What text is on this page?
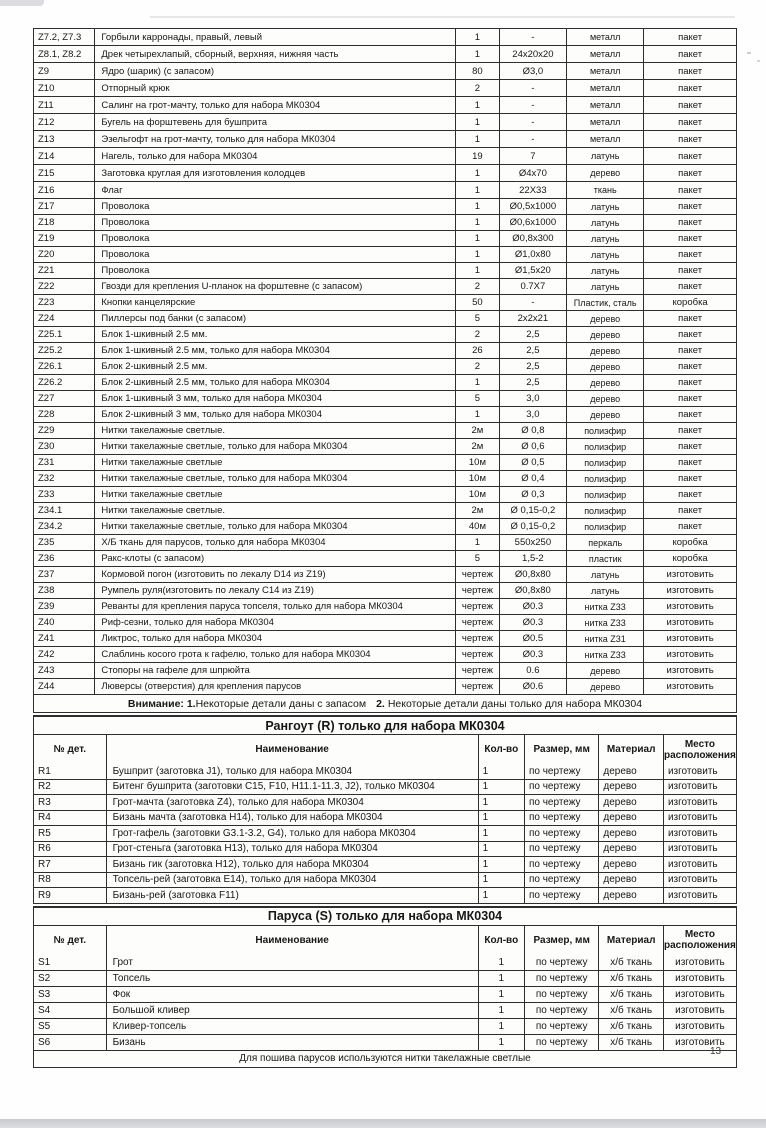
Z7.2, Z7.3	Горбыли карронады, правый, левый	1	-	металл	пакет
Z8.1, Z8.2	Дрек четырехлапый, сборный, верхняя, нижняя часть	1	24x20x20	металл	пакет
Z9	Ядро (шарик) (с запасом)	80	Ø3,0	металл	пакет
Z10	Отпорный крюк	2	-	металл	пакет
Z11	Салинг на грот-мачту, только для набора МК0304	1	-	металл	пакет
Z12	Бугель на форштевень для бушприта	1	-	металл	пакет
Z13	Эзельгофт на грот-мачту, только для набора МК0304	1	-	металл	пакет
Z14	Нагель, только для набора МК0304	19	7	латунь	пакет
Z15	Заготовка круглая для изготовления колодцев	1	Ø4x70	дерево	пакет
Z16	Флаг	1	22X33	ткань	пакет
Z17	Проволока	1	Ø0,5x1000	латунь	пакет
Z18	Проволока	1	Ø0,6x1000	латунь	пакет
Z19	Проволока	1	Ø0,8x300	латунь	пакет
Z20	Проволока	1	Ø1,0x80	латунь	пакет
Z21	Проволока	1	Ø1,5x20	латунь	пакет
Z22	Гвозди для крепления U-планок на форштевне (с запасом)	2	0.7X7	латунь	пакет
Z23	Кнопки канцелярские	50	-	Пластик, сталь	коробка
Z24	Пиллерсы под банки (с запасом)	5	2x2x21	дерево	пакет
Z25.1	Блок 1-шкивный 2.5 мм.	2	2,5	дерево	пакет
Z25.2	Блок 1-шкивный 2.5 мм, только для набора МК0304	26	2,5	дерево	пакет
Z26.1	Блок 2-шкивный 2.5 мм.	2	2,5	дерево	пакет
Z26.2	Блок 2-шкивный 2.5 мм, только для набора МК0304	1	2,5	дерево	пакет
Z27	Блок 1-шкивный 3 мм, только для набора МК0304	5	3,0	дерево	пакет
Z28	Блок 2-шкивный 3 мм, только для набора МК0304	1	3,0	дерево	пакет
Z29	Нитки такелажные светлые.	2м	Ø 0,8	полиэфир	пакет
Z30	Нитки такелажные светлые, только для набора МК0304	2м	Ø 0,6	полиэфир	пакет
Z31	Нитки такелажные светлые	10м	Ø 0,5	полиэфир	пакет
Z32	Нитки такелажные светлые, только для набора МК0304	10м	Ø 0,4	полиэфир	пакет
Z33	Нитки такелажные светлые	10м	Ø 0,3	полиэфир	пакет
Z34.1	Нитки такелажные светлые.	2м	Ø 0,15-0,2	полиэфир	пакет
Z34.2	Нитки такелажные светлые, только для набора МК0304	40м	Ø 0,15-0,2	полиэфир	пакет
Z35	Х/Б ткань для парусов, только для набора МК0304	1	550x250	перкаль	коробка
Z36	Ракс-клоты (с запасом)	5	1,5-2	пластик	коробка
Z37	Кормовой погон (изготовить по лекалу D14 из Z19)	чертеж	Ø0,8x80	латунь	изготовить
Z38	Румпель руля(изготовить по лекалу C14 из Z19)	чертеж	Ø0,8x80	латунь	изготовить
Z39	Реванты для крепления паруса топселя, только для набора МК0304	чертеж	Ø0.3	нитка Z33	изготовить
Z40	Риф-сезни, только для набора МК0304	чертеж	Ø0.3	нитка Z33	изготовить
Z41	Ликтрос, только для набора МК0304	чертеж	Ø0.5	нитка Z31	изготовить
Z42	Слаблинь косого грота к гафелю, только для набора МК0304	чертеж	Ø0.3	нитка Z33	изготовить
Z43	Стопоры на гафеле для шпрюйта	чертеж	0.6	дерево	изготовить
Z44	Люверсы (отверстия) для крепления парусов	чертеж	Ø0.6	дерево	изготовить
Внимание: 1. Некоторые детали даны с запасом 2. Некоторые детали даны только для набора МК0304
Рангоут (R) только для набора МК0304
№ дет.	Наименование	Кол-во	Размер, мм	Материал	Место расположения
R1	Бушприт (заготовка J1), только для набора МК0304	1	по чертежу	дерево	изготовить
R2	Битенг бушприта (заготовки C15, F10, H11.1-11.3, J2), только МК0304	1	по чертежу	дерево	изготовить
R3	Грот-мачта (заготовка Z4), только для набора МК0304	1	по чертежу	дерево	изготовить
R4	Бизань мачта (заготовка H14), только для набора МК0304	1	по чертежу	дерево	изготовить
R5	Грот-гафель (заготовки G3.1-3.2, G4), только для набора МК0304	1	по чертежу	дерево	изготовить
R6	Грот-стеньга (заготовка H13), только для набора МК0304	1	по чертежу	дерево	изготовить
R7	Бизань гик (заготовка H12), только для набора МК0304	1	по чертежу	дерево	изготовить
R8	Топсель-рей (заготовка E14), только для набора МК0304	1	по чертежу	дерево	изготовить
R9	Бизань-рей (заготовка F11)	1	по чертежу	дерево	изготовить
Паруса (S) только для набора МК0304
№ дет.	Наименование	Кол-во	Размер, мм	Материал	Место расположения
S1	Грот	1	по чертежу	х/б ткань	изготовить
S2	Топсель	1	по чертежу	х/б ткань	изготовить
S3	Фок	1	по чертежу	х/б ткань	изготовить
S4	Большой кливер	1	по чертежу	х/б ткань	изготовить
S5	Кливер-топсель	1	по чертежу	х/б ткань	изготовить
S6	Бизань	1	по чертежу	х/б ткань	изготовить
Для пошива парусов используются нитки такелажные светлые
13
